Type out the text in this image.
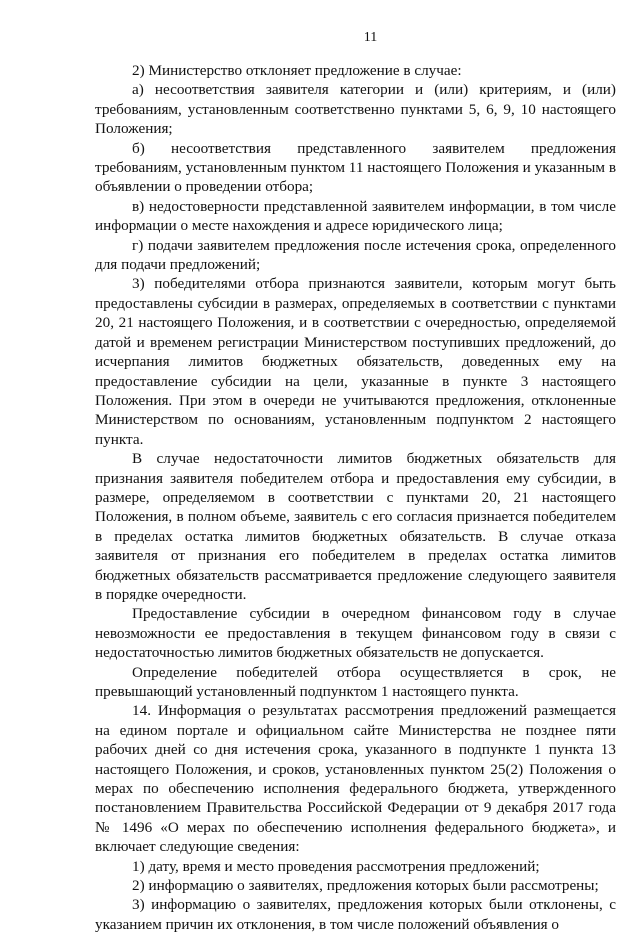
11

2) Министерство отклоняет предложение в случае:

а) несоответствия заявителя категории и (или) критериям, и (или) требованиям, установленным соответственно пунктами 5, 6, 9, 10 настоящего Положения;

б) несоответствия представленного заявителем предложения требованиям, установленным пунктом 11 настоящего Положения и указанным в объявлении о проведении отбора;

в) недостоверности представленной заявителем информации, в том числе информации о месте нахождения и адресе юридического лица;

г) подачи заявителем предложения после истечения срока, определенного для подачи предложений;

3) победителями отбора признаются заявители, которым могут быть предоставлены субсидии в размерах, определяемых в соответствии с пунктами 20, 21 настоящего Положения, и в соответствии с очередностью, определяемой датой и временем регистрации Министерством поступивших предложений, до исчерпания лимитов бюджетных обязательств, доведенных ему на предоставление субсидии на цели, указанные в пункте 3 настоящего Положения. При этом в очереди не учитываются предложения, отклоненные Министерством по основаниям, установленным подпунктом 2 настоящего пункта.

В случае недостаточности лимитов бюджетных обязательств для признания заявителя победителем отбора и предоставления ему субсидии, в размере, определяемом в соответствии с пунктами 20, 21 настоящего Положения, в полном объеме, заявитель с его согласия признается победителем в пределах остатка лимитов бюджетных обязательств. В случае отказа заявителя от признания его победителем в пределах остатка лимитов бюджетных обязательств рассматривается предложение следующего заявителя в порядке очередности.

Предоставление субсидии в очередном финансовом году в случае невозможности ее предоставления в текущем финансовом году в связи с недостаточностью лимитов бюджетных обязательств не допускается.

Определение победителей отбора осуществляется в срок, не превышающий установленный подпунктом 1 настоящего пункта.

14. Информация о результатах рассмотрения предложений размещается на едином портале и официальном сайте Министерства не позднее пяти рабочих дней со дня истечения срока, указанного в подпункте 1 пункта 13 настоящего Положения, и сроков, установленных пунктом 25(2) Положения о мерах по обеспечению исполнения федерального бюджета, утвержденного постановлением Правительства Российской Федерации от 9 декабря 2017 года № 1496 «О мерах по обеспечению исполнения федерального бюджета», и включает следующие сведения:

1) дату, время и место проведения рассмотрения предложений;

2) информацию о заявителях, предложения которых были рассмотрены;

3) информацию о заявителях, предложения которых были отклонены, с указанием причин их отклонения, в том числе положений объявления о
